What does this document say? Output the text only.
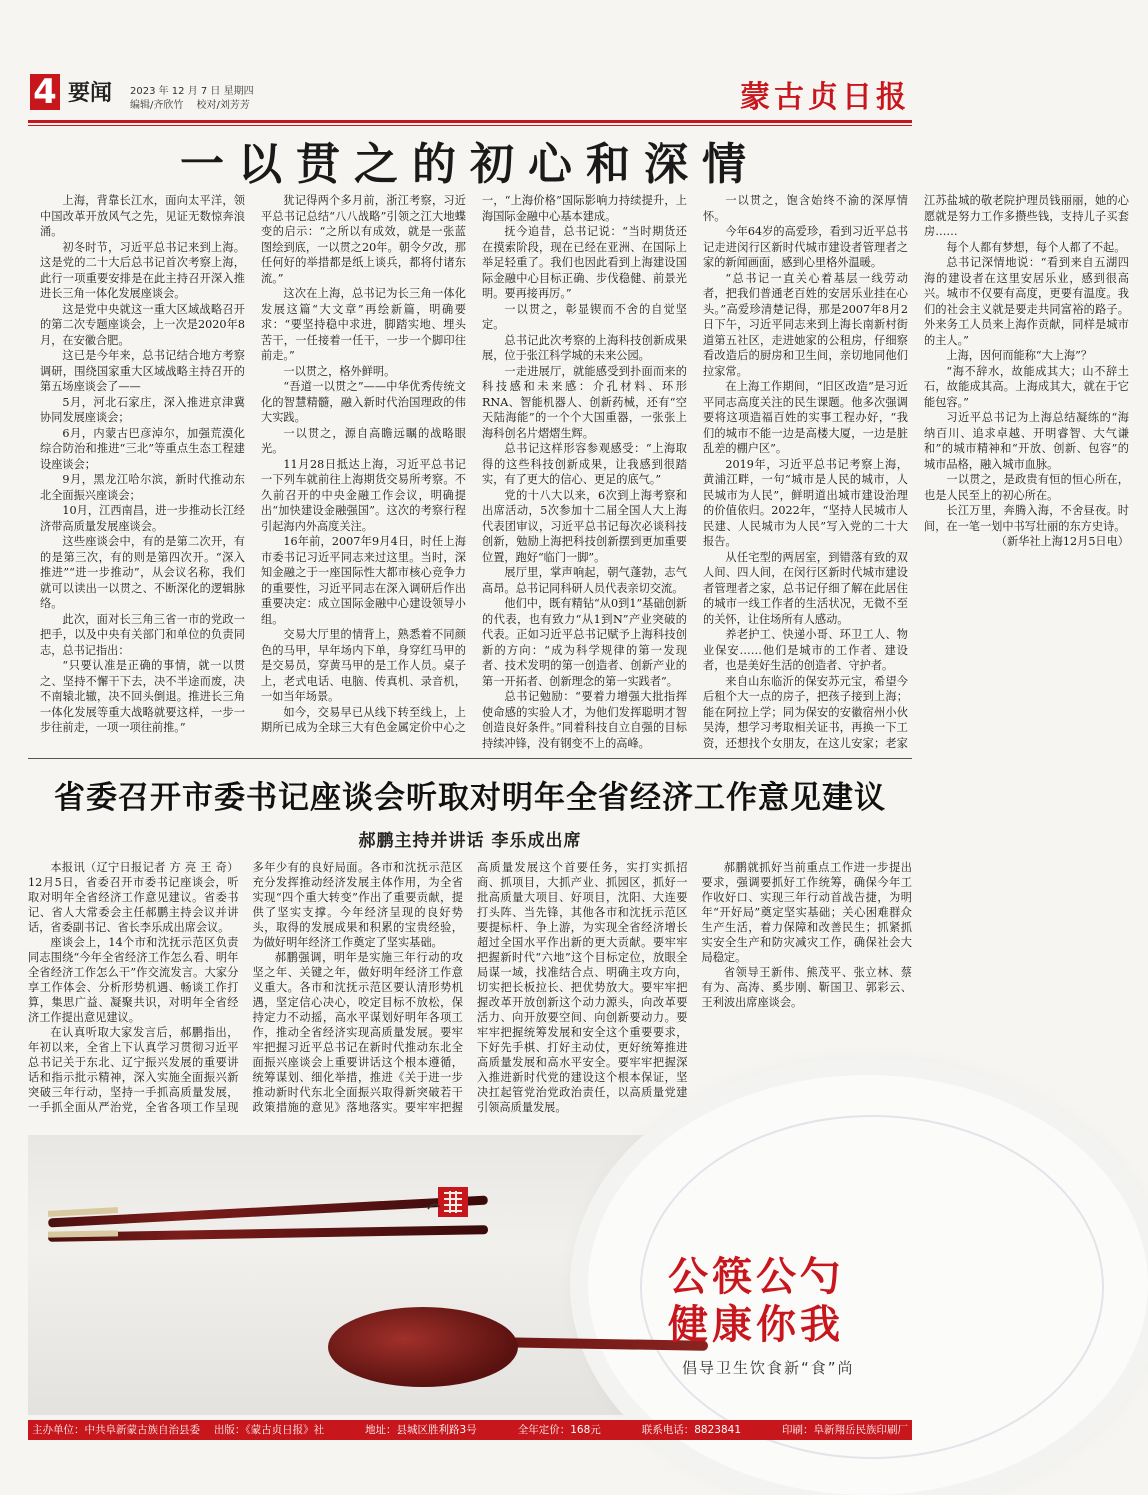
4 要闻 2023 年 12 月 7 日 星期四
编辑/齐欣竹　 校对/刘芳芳	蒙古贞日报
一以贯之的初心和深情

上海，背靠长江水，面向太平洋，领中国改革开放风气之先，见证无数惊奔浪涌。

初冬时节，习近平总书记来到上海。这是党的二十大后总书记首次考察上海，此行一项重要安排是在此主持召开深入推进长三角一体化发展座谈会。

这是党中央就这一重大区域战略召开的第二次专题座谈会，上一次是2020年8月，在安徽合肥。

这已是今年来，总书记结合地方考察调研，围绕国家重大区域战略主持召开的第五场座谈会了——

5月，河北石家庄，深入推进京津冀协同发展座谈会；

6月，内蒙古巴彦淖尔，加强荒漠化综合防治和推进“三北”等重点生态工程建设座谈会；

9月，黑龙江哈尔滨，新时代推动东北全面振兴座谈会；

10月，江西南昌，进一步推动长江经济带高质量发展座谈会。

这些座谈会中，有的是第二次开，有的是第三次，有的则是第四次开。“深入推进”“进一步推动”，从会议名称，我们就可以读出一以贯之、不断深化的逻辑脉络。

此次，面对长三角三省一市的党政一把手，以及中央有关部门和单位的负责同志，总书记指出：

“只要认准是正确的事情，就一以贯之、坚持不懈干下去，决不半途而废，决不南辕北辙，决不回头倒退。推进长三角一体化发展等重大战略就要这样，一步一步往前走，一项一项往前推。”

犹记得两个多月前，浙江考察，习近平总书记总结“八八战略”引领之江大地蝶变的启示：“之所以有成效，就是一张蓝图绘到底，一以贯之20年。朝令夕改，那任何好的举措都是纸上谈兵，都将付诸东流。”

这次在上海，总书记为长三角一体化发展这篇“大文章”再绘新篇，明确要求：“要坚持稳中求进，脚踏实地、埋头苦干，一任接着一任干，一步一个脚印往前走。”

一以贯之，格外鲜明。

“吾道一以贯之”——中华优秀传统文化的智慧精髓，融入新时代治国理政的伟大实践。

一以贯之，源自高瞻远瞩的战略眼光。

11月28日抵达上海，习近平总书记一下列车就前往上海期货交易所考察。不久前召开的中央金融工作会议，明确提出“加快建设金融强国”。这次的考察行程引起海内外高度关注。

16年前，2007年9月4日，时任上海市委书记习近平同志来过这里。当时，深知金融之于一座国际性大都市核心竞争力的重要性，习近平同志在深入调研后作出重要决定：成立国际金融中心建设领导小组。

交易大厅里的情背上，熟悉着不同颜色的马甲，早年场内下单，身穿红马甲的是交易员，穿黄马甲的是工作人员。桌子上，老式电话、电脑、传真机、录音机，一如当年场景。

如今，交易早已从线下转至线上，上期所已成为全球三大有色金属定价中心之一，“上海价格”国际影响力持续提升，上海国际金融中心基本建成。

抚今追昔，总书记说：“当时期货还在摸索阶段，现在已经在亚洲、在国际上举足轻重了。我们也因此看到上海建设国际金融中心目标正确、步伐稳健、前景光明。要再接再厉。”

一以贯之，彰显锲而不舍的自觉坚定。

总书记此次考察的上海科技创新成果展，位于张江科学城的未来公园。

一走进展厅，就能感受到扑面而来的科技感和未来感：介孔材料、环形RNA、智能机器人、创新药械，还有“空天陆海能”的一个个大国重器，一张张上海科创名片熠熠生辉。

总书记这样形容参观感受：“上海取得的这些科技创新成果，让我感到很踏实，有了更大的信心、更足的底气。”

党的十八大以来，6次到上海考察和出席活动，5次参加十二届全国人大上海代表团审议，习近平总书记每次必谈科技创新，勉励上海把科技创新摆到更加重要位置，跑好“临门一脚”。

展厅里，掌声响起，朝气蓬勃，志气高昂。总书记同科研人员代表亲切交流。

他们中，既有精钻“从0到1”基础创新的代表，也有致力“从1到N”产业突破的代表。正如习近平总书记赋予上海科技创新的方向：“成为科学规律的第一发现者、技术发明的第一创造者、创新产业的第一开拓者、创新理念的第一实践者”。

总书记勉励：“要着力增强大批指挥使命感的实验人才，为他们发挥聪明才智创造良好条件。”同着科技自立自强的目标持续冲锋，没有钢变不上的高峰。

一以贯之，饱含始终不渝的深厚情怀。

今年64岁的高爱珍，看到习近平总书记走进闵行区新时代城市建设者管理者之家的新闻画面，感到心里格外温暖。

“总书记一直关心着基层一线劳动者，把我们普通老百姓的安居乐业挂在心头。”高爱珍清楚记得，那是2007年8月2日下午，习近平同志来到上海长南新村街道第五社区，走进她家的公租房，仔细察看改造后的厨房和卫生间，亲切地同他们拉家常。

在上海工作期间，“旧区改造”是习近平同志高度关注的民生课题。他多次强调要将这项造福百姓的实事工程办好，“我们的城市不能一边是高楼大厦，一边是脏乱差的棚户区”。

2019年，习近平总书记考察上海，黄浦江畔，一句“城市是人民的城市，人民城市为人民”，鲜明道出城市建设治理的价值依归。2022年，“坚持人民城市人民建、人民城市为人民”写入党的二十大报告。

从任宅型的两居室，到错落有致的双人间、四人间，在闵行区新时代城市建设者管理者之家，总书记仔细了解在此居住的城市一线工作者的生活状况，无微不至的关怀，让住场所有人感动。

养老护工、快递小哥、环卫工人、物业保安……他们是城市的工作者、建设者，也是美好生活的创造者、守护者。

来自山东临沂的保安苏元宝，希望今后租个大一点的房子，把孩子接到上海；能在阿拉上学；同为保安的安徽宿州小伙吴涛，想学习考取相关证书，再换一下工资，还想找个女朋友，在这儿安家；老家江苏盐城的敬老院护理员钱丽丽，她的心愿就是努力工作多攒些钱，支持儿子买套房……

每个人都有梦想，每个人都了不起。

总书记深情地说：“看到来自五湖四海的建设者在这里安居乐业，感到很高兴。城市不仅要有高度，更要有温度。我们的社会主义就是要走共同富裕的路子。外来务工人员来上海作贡献，同样是城市的主人。”

上海，因何而能称“大上海”？

“海不辞水，故能成其大；山不辞土石，故能成其高。上海成其大，就在于它能包容。”

习近平总书记为上海总结凝练的“海纳百川、追求卓越、开明睿智、大气谦和”的城市精神和“开放、创新、包容”的城市品格，融入城市血脉。

一以贯之，是政贵有恒的恒心所在，也是人民至上的初心所在。

长江万里，奔腾入海，不舍昼夜。时间，在一笔一划中书写壮丽的东方史诗。

（新华社上海12月5日电）

省委召开市委书记座谈会听取对明年全省经济工作意见建议
郝鹏主持并讲话 李乐成出席

本报讯（辽宁日报记者 方 亮 王 奇）12月5日，省委召开市委书记座谈会，听取对明年全省经济工作意见建议。省委书记、省人大常委会主任郝鹏主持会议并讲话，省委副书记、省长李乐成出席会议。

座谈会上，14个市和沈抚示范区负责同志围绕“今年全省经济工作怎么看、明年全省经济工作怎么干”作交流发言。大家分享工作体会、分析形势机遇、畅谈工作打算，集思广益、凝聚共识，对明年全省经济工作提出意见建议。

在认真听取大家发言后，郝鹏指出，年初以来，全省上下认真学习贯彻习近平总书记关于东北、辽宁振兴发展的重要讲话和指示批示精神，深入实施全面振兴新突破三年行动，坚持一手抓高质量发展，一手抓全面从严治党，全省各项工作呈现多年少有的良好局面。各市和沈抚示范区充分发挥推动经济发展主体作用，为全省实现“四个重大转变”作出了重要贡献，提供了坚实支撑。今年经济呈现的良好势头，取得的发展成果和积累的宝贵经验，为做好明年经济工作奠定了坚实基础。

郝鹏强调，明年是实施三年行动的攻坚之年、关键之年，做好明年经济工作意义重大。各市和沈抚示范区要认清形势机遇，坚定信心决心，咬定目标不放松，保持定力不动摇，高水平谋划好明年各项工作，推动全省经济实现高质量发展。要牢牢把握习近平总书记在新时代推动东北全面振兴座谈会上重要讲话这个根本遵循，统筹谋划、细化举措，推进《关于进一步推动新时代东北全面振兴取得新突破若干政策措施的意见》落地落实。要牢牢把握高质量发展这个首要任务，实打实抓招商、抓项目，大抓产业、抓园区，抓好一批高质量大项目、好项目，沈阳、大连要打头阵、当先锋，其他各市和沈抚示范区要提标杆、争上游，为实现全省经济增长超过全国水平作出新的更大贡献。要牢牢把握新时代“六地”这个目标定位，放眼全局谋一域，找准结合点、明确主攻方向，切实把长板拉长、把优势放大。要牢牢把握改革开放创新这个动力源头，向改革要活力、向开放要空间、向创新要动力。要牢牢把握统筹发展和安全这个重要要求，下好先手棋、打好主动仗，更好统筹推进高质量发展和高水平安全。要牢牢把握深入推进新时代党的建设这个根本保证，坚决扛起管党治党政治责任，以高质量党建引领高质量发展。

郝鹏就抓好当前重点工作进一步提出要求，强调要抓好工作统筹，确保今年工作收好口、实现三年行动首战告捷，为明年“开好局”奠定坚实基础；关心困难群众生产生活，着力保障和改善民生；抓紧抓实安全生产和防灾减灾工作，确保社会大局稳定。

省领导王新伟、熊茂平、张立林、蔡有为、高涛、奚步刚、靳国卫、郭彩云、王利波出席座谈会。

公筷公勺
健康你我
倡导卫生饮食新“食”尚
主办单位：中共阜新蒙古族自治县委　 出版：《蒙古贞日报》社	地址：县城区胜利路3号	全年定价：168元	联系电话：8823841	印刷：阜新翔岳民族印刷厂
